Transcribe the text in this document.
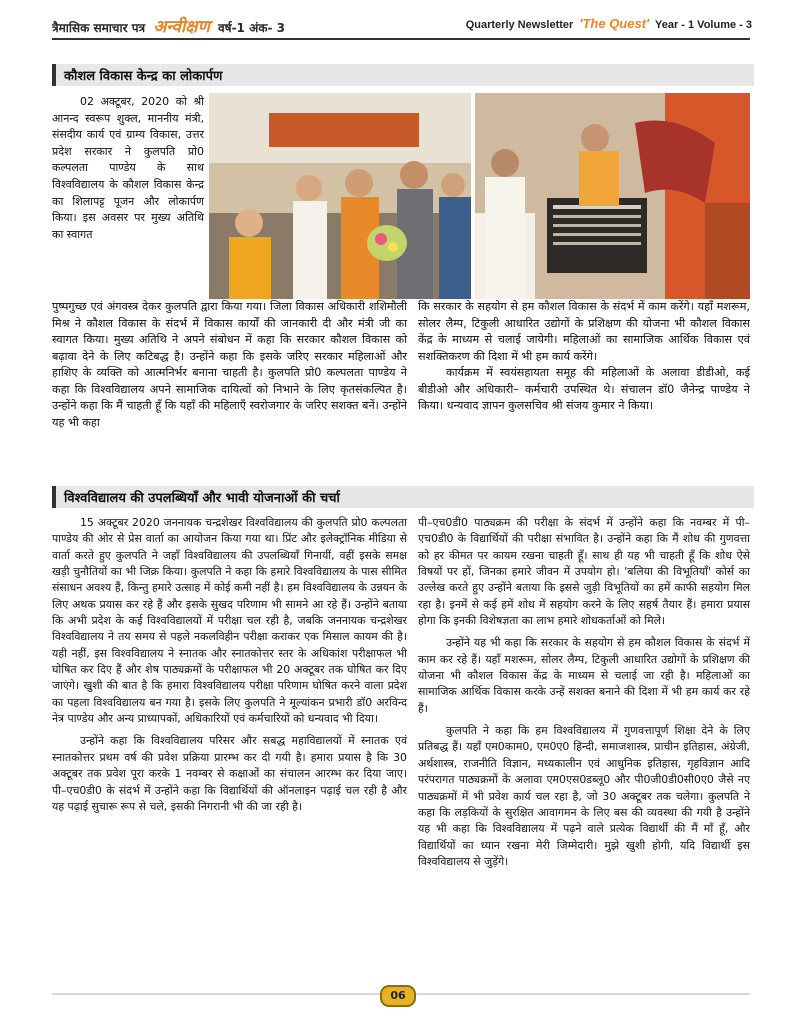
त्रैमासिक समाचार पत्र अन्वीक्षण वर्ष-1 अंक- 3	Quarterly Newsletter 'The Quest' Year - 1 Volume - 3
कौशल विकास केन्द्र का लोकार्पण

02 अक्टूबर, 2020 को श्री आनन्द स्वरूप शुक्ल, माननीय मंत्री, संसदीय कार्य एवं ग्राम्य विकास, उत्तर प्रदेश सरकार ने कुलपति प्रो0 कल्पलता पाण्डेय के साथ विश्वविद्यालय के कौशल विकास केन्द्र का शिलापट्ट पूजन और लोकार्पण किया। इस अवसर पर मुख्य अतिथि का स्वागत

पुष्पगुच्छ एवं अंगवस्त्र देकर कुलपति द्वारा किया गया। जिला विकास अधिकारी शशिमौली मिश्र ने कौशल विकास के संदर्भ में विकास कार्यों की जानकारी दी और मंत्री जी का स्वागत किया। मुख्य अतिथि ने अपने संबोधन में कहा कि सरकार कौशल विकास को बढ़ावा देने के लिए कटिबद्ध है। उन्होंने कहा कि इसके जरिए सरकार महिलाओं और हाशिए के व्यक्ति को आत्मनिर्भर बनाना चाहती है। कुलपति प्रो0 कल्पलता पाण्डेय ने कहा कि विश्वविद्यालय अपने सामाजिक दायित्वों को निभाने के लिए कृतसंकल्पित है। उन्होंने कहा कि मैं चाहती हूँ कि यहाँ की महिलाएँ स्वरोजगार के जरिए सशक्त बनें। उन्होंने यह भी कहा

कि सरकार के सहयोग से हम कौशल विकास के संदर्भ में काम करेंगे। यहाँ मशरूम, सोलर लैम्प, टिकुली आधारित उद्योगों के प्रशिक्षण की योजना भी कौशल विकास केंद्र के माध्यम से चलाई जायेगी। महिलाओं का सामाजिक आर्थिक विकास एवं सशक्तिकरण की दिशा में भी हम कार्य करेंगे।

कार्यक्रम में स्वयंसहायता समूह की महिलाओं के अलावा डीडीओ, कई बीडीओ और अधिकारी– कर्मचारी उपस्थित थे। संचालन डॉ0 जैनेन्द्र पाण्डेय ने किया। धन्यवाद ज्ञापन कुलसचिव श्री संजय कुमार ने किया।

विश्वविद्यालय की उपलब्धियाँ और भावी योजनाओं की चर्चा

15 अक्टूबर 2020 जननायक चन्द्रशेखर विश्वविद्यालय की कुलपति प्रो0 कल्पलता पाण्डेय की ओर से प्रेस वार्ता का आयोजन किया गया था। प्रिंट और इलेक्ट्रॉनिक मीडिया से वार्ता करते हुए कुलपति ने जहाँ विश्वविद्यालय की उपलब्धियाँ गिनायीं, वहीं इसके समक्ष खड़ी चुनौतियों का भी जिक्र किया। कुलपति ने कहा कि हमारे विश्वविद्यालय के पास सीमित संसाधन अवश्य हैं, किन्तु हमारे उत्साह में कोई कमी नहीं है। हम विश्वविद्यालय के उन्नयन के लिए अथक प्रयास कर रहे हैं और इसके सुखद परिणाम भी सामने आ रहे हैं। उन्होंने बताया कि अभी प्रदेश के कई विश्वविद्यालयों में परीक्षा चल रही है, जबकि जननायक चन्द्रशेखर विश्वविद्यालय ने तय समय से पहले नकलविहीन परीक्षा कराकर एक मिसाल कायम की है। यही नहीं, इस विश्वविद्यालय ने स्नातक और स्नातकोत्तर स्तर के अधिकांश परीक्षाफल भी घोषित कर दिए हैं और शेष पाठ्यक्रमों के परीक्षाफल भी 20 अक्टूबर तक घोषित कर दिए जाएंगे। खुशी की बात है कि हमारा विश्वविद्यालय परीक्षा परिणाम घोषित करने वाला प्रदेश का पहला विश्वविद्यालय बन गया है। इसके लिए कुलपति ने मूल्यांकन प्रभारी डॉ0 अरविन्द नेत्र पाण्डेय और अन्य प्राध्यापकों, अधिकारियों एवं कर्मचारियों को धन्यवाद भी दिया।

उन्होंने कहा कि विश्वविद्यालय परिसर और सबद्ध महाविद्यालयों में स्नातक एवं स्नातकोत्तर प्रथम वर्ष की प्रवेश प्रक्रिया प्रारम्भ कर दी गयी है। हमारा प्रयास है कि 30 अक्टूबर तक प्रवेश पूरा करके 1 नवम्बर से कक्षाओं का संचालन आरम्भ कर दिया जाए। पी–एच0डी0 के संदर्भ में उन्होंने कहा कि विद्यार्थियों की ऑनलाइन पढ़ाई चल रही है और यह पढ़ाई सुचारू रूप से चले, इसकी निगरानी भी की जा रही है।

पी–एच0डी0 पाठ्यक्रम की परीक्षा के संदर्भ में उन्होंने कहा कि नवम्बर में पी–एच0डी0 के विद्यार्थियों की परीक्षा संभावित है। उन्होंने कहा कि मैं शोध की गुणवत्ता को हर कीमत पर कायम रखना चाहती हूँ। साथ ही यह भी चाहती हूँ कि शोध ऐसे विषयों पर हों, जिनका हमारे जीवन में उपयोग हो। 'बलिया की विभूतियाँ' कोर्स का उल्लेख करते हुए उन्होंने बताया कि इससे जुड़ी विभूतियों का हमें काफी सहयोग मिल रहा है। इनमें से कई हमें शोध में सहयोग करने के लिए सहर्ष तैयार हैं। हमारा प्रयास होगा कि इनकी विशेषज्ञता का लाभ हमारे शोधकर्ताओं को मिले।

उन्होंने यह भी कहा कि सरकार के सहयोग से हम कौशल विकास के संदर्भ में काम कर रहे हैं। यहाँ मशरूम, सोलर लैम्प, टिकुली आधारित उद्योगों के प्रशिक्षण की योजना भी कौशल विकास केंद्र के माध्यम से चलाई जा रही है। महिलाओं का सामाजिक आर्थिक विकास करके उन्हें सशक्त बनाने की दिशा में भी हम कार्य कर रहे हैं।

कुलपति ने कहा कि हम विश्वविद्यालय में गुणवत्तापूर्ण शिक्षा देने के लिए प्रतिबद्ध हैं। यहाँ एम0काम0, एम0ए0 हिन्दी, समाजशास्त्र, प्राचीन इतिहास, अंग्रेजी, अर्थशास्त्र, राजनीति विज्ञान, मध्यकालीन एवं आधुनिक इतिहास, गृहविज्ञान आदि परंपरागत पाठ्यक्रमों के अलावा एम0एस0डब्लू0 और पी0जी0डी0सी0ए0 जैसे नए पाठ्यक्रमों में भी प्रवेश कार्य चल रहा है, जो 30 अक्टूबर तक चलेगा। कुलपति ने कहा कि लड़कियों के सुरक्षित आवागमन के लिए बस की व्यवस्था की गयी है उन्होंने यह भी कहा कि विश्वविद्यालय में पढ़ने वाले प्रत्येक विद्यार्थी की मैं माँ हूँ, और विद्यार्थियों का ध्यान रखना मेरी जिम्मेदारी। मुझे खुशी होगी, यदि विद्यार्थी इस विश्वविद्यालय से जुड़ेंगे।

06
